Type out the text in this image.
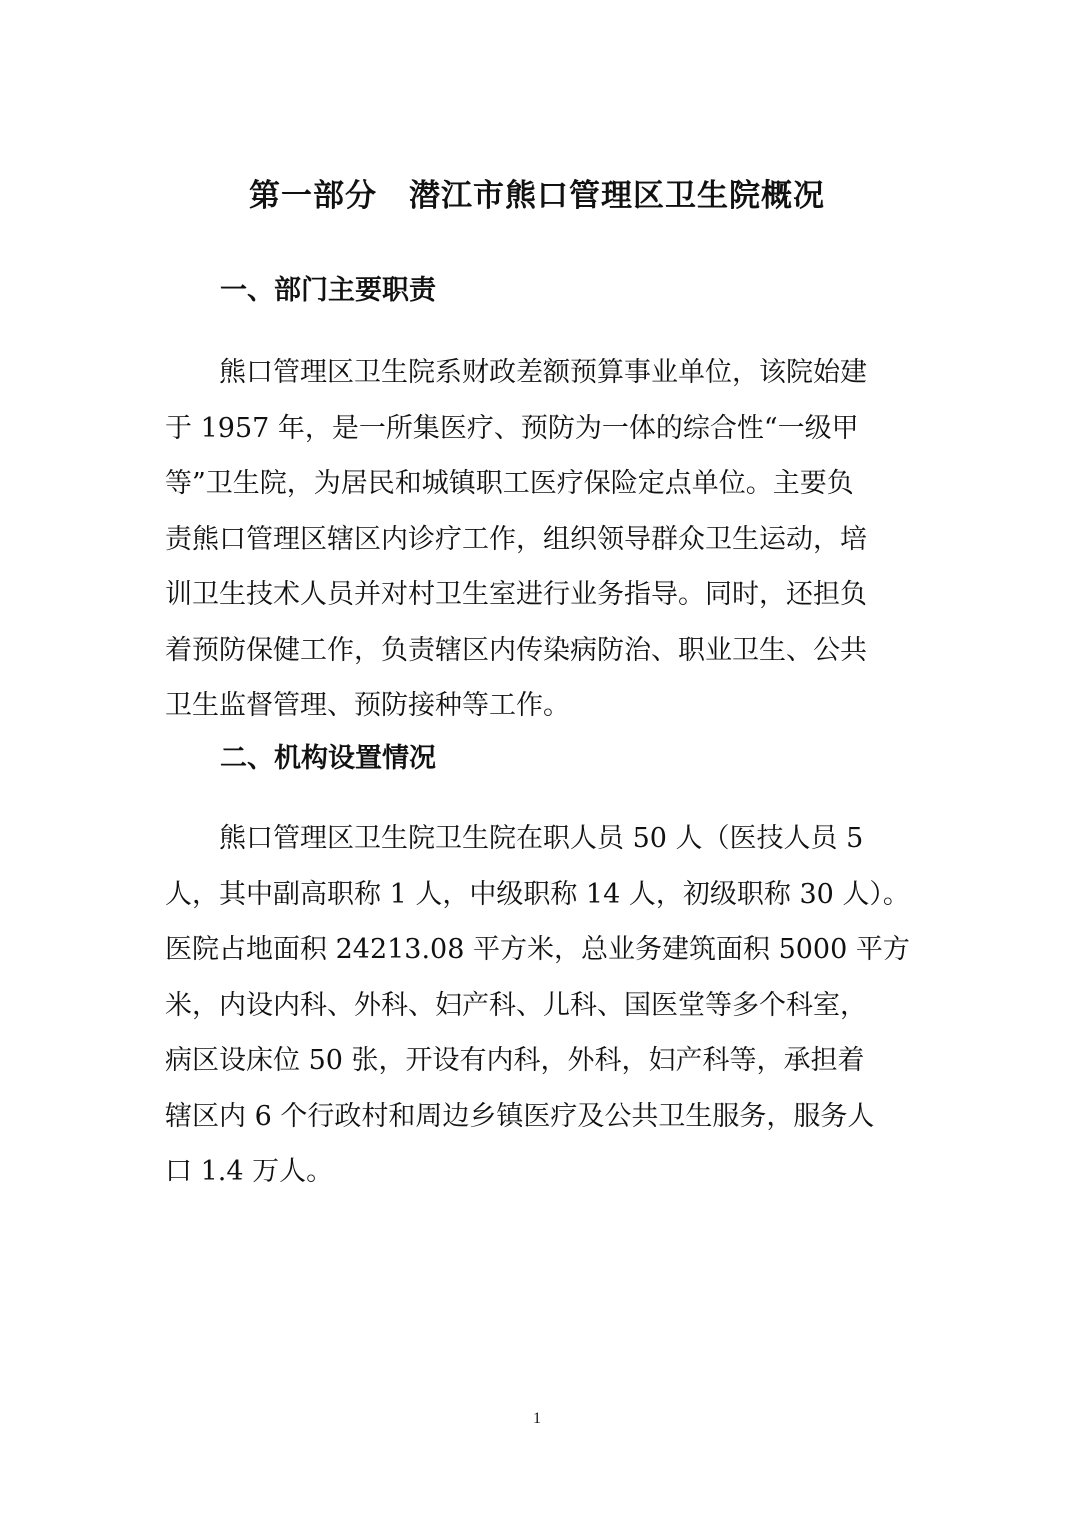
第一部分　潜江市熊口管理区卫生院概况
一、部门主要职责
　　熊口管理区卫生院系财政差额预算事业单位，该院始建
于 1957 年，是一所集医疗、预防为一体的综合性“一级甲
等”卫生院，为居民和城镇职工医疗保险定点单位。主要负
责熊口管理区辖区内诊疗工作，组织领导群众卫生运动，培
训卫生技术人员并对村卫生室进行业务指导。同时，还担负
着预防保健工作，负责辖区内传染病防治、职业卫生、公共
卫生监督管理、预防接种等工作。
二、机构设置情况
　　熊口管理区卫生院卫生院在职人员 50 人（医技人员 5
人，其中副高职称 1 人，中级职称 14 人，初级职称 30 人）。
医院占地面积 24213.08 平方米，总业务建筑面积 5000 平方
米，内设内科、外科、妇产科、儿科、国医堂等多个科室，
病区设床位 50 张，开设有内科，外科，妇产科等，承担着
辖区内 6 个行政村和周边乡镇医疗及公共卫生服务，服务人
口 1.4 万人。
1
